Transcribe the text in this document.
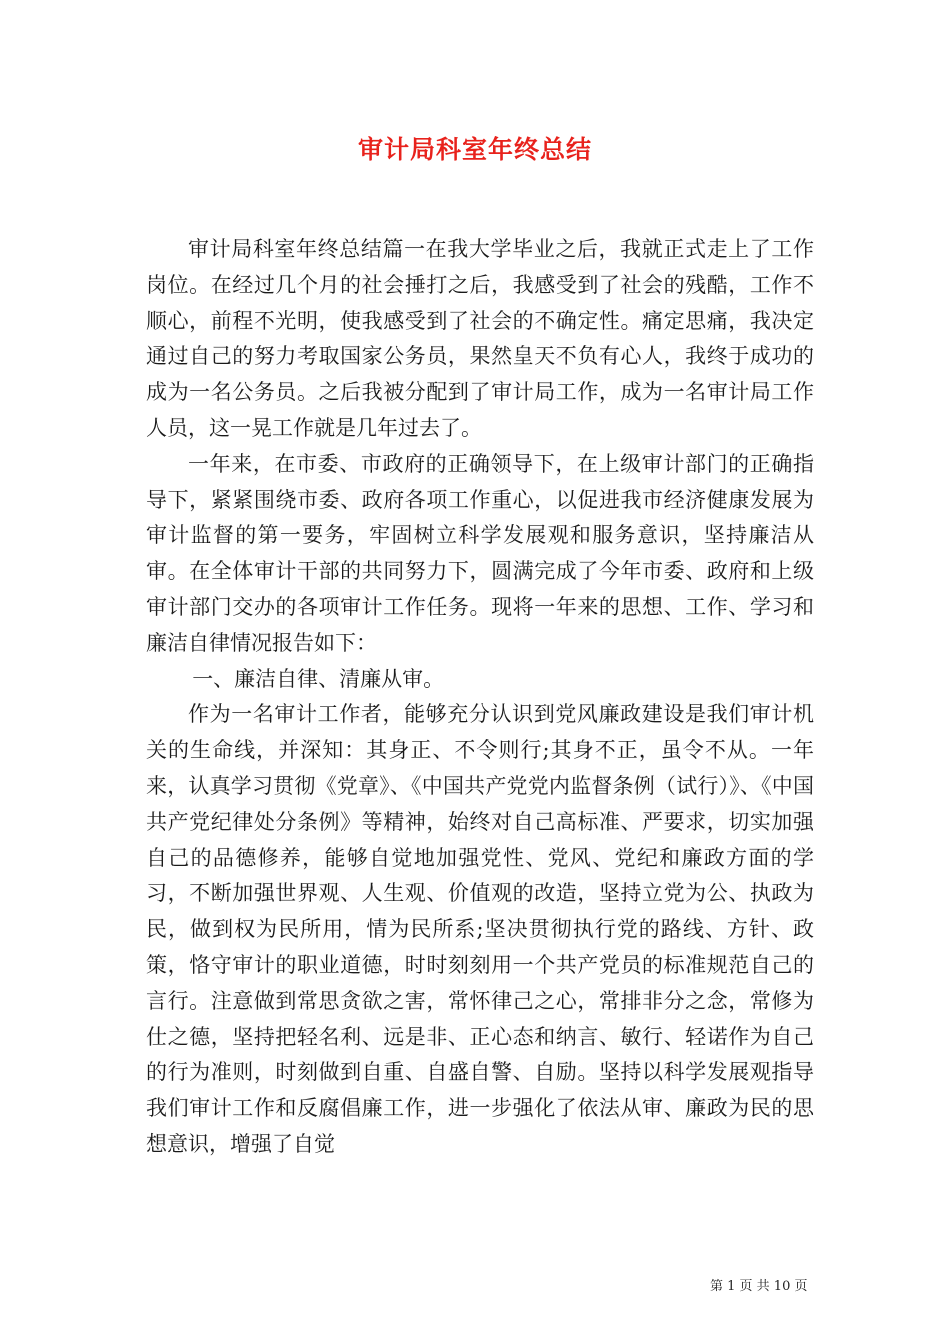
审计局科室年终总结

审计局科室年终总结篇一在我大学毕业之后，我就正式走上了工作岗位。在经过几个月的社会捶打之后，我感受到了社会的残酷，工作不顺心，前程不光明，使我感受到了社会的不确定性。痛定思痛，我决定通过自己的努力考取国家公务员，果然皇天不负有心人，我终于成功的成为一名公务员。之后我被分配到了审计局工作，成为一名审计局工作人员，这一晃工作就是几年过去了。

一年来，在市委、市政府的正确领导下，在上级审计部门的正确指导下，紧紧围绕市委、政府各项工作重心，以促进我市经济健康发展为审计监督的第一要务，牢固树立科学发展观和服务意识，坚持廉洁从审。在全体审计干部的共同努力下，圆满完成了今年市委、政府和上级审计部门交办的各项审计工作任务。现将一年来的思想、工作、学习和廉洁自律情况报告如下：

一、廉洁自律、清廉从审。

作为一名审计工作者，能够充分认识到党风廉政建设是我们审计机关的生命线，并深知：其身正、不令则行;其身不正，虽令不从。一年来，认真学习贯彻《党章》、《中国共产党党内监督条例（试行）》、《中国共产党纪律处分条例》等精神，始终对自己高标准、严要求，切实加强自己的品德修养，能够自觉地加强党性、党风、党纪和廉政方面的学习，不断加强世界观、人生观、价值观的改造，坚持立党为公、执政为民，做到权为民所用，情为民所系;坚决贯彻执行党的路线、方针、政策，恪守审计的职业道德，时时刻刻用一个共产党员的标准规范自己的言行。注意做到常思贪欲之害，常怀律己之心，常排非分之念，常修为仕之德，坚持把轻名利、远是非、正心态和纳言、敏行、轻诺作为自己的行为准则，时刻做到自重、自盛自警、自励。坚持以科学发展观指导我们审计工作和反腐倡廉工作，进一步强化了依法从审、廉政为民的思想意识，增强了自觉

第 1 页 共 10 页
